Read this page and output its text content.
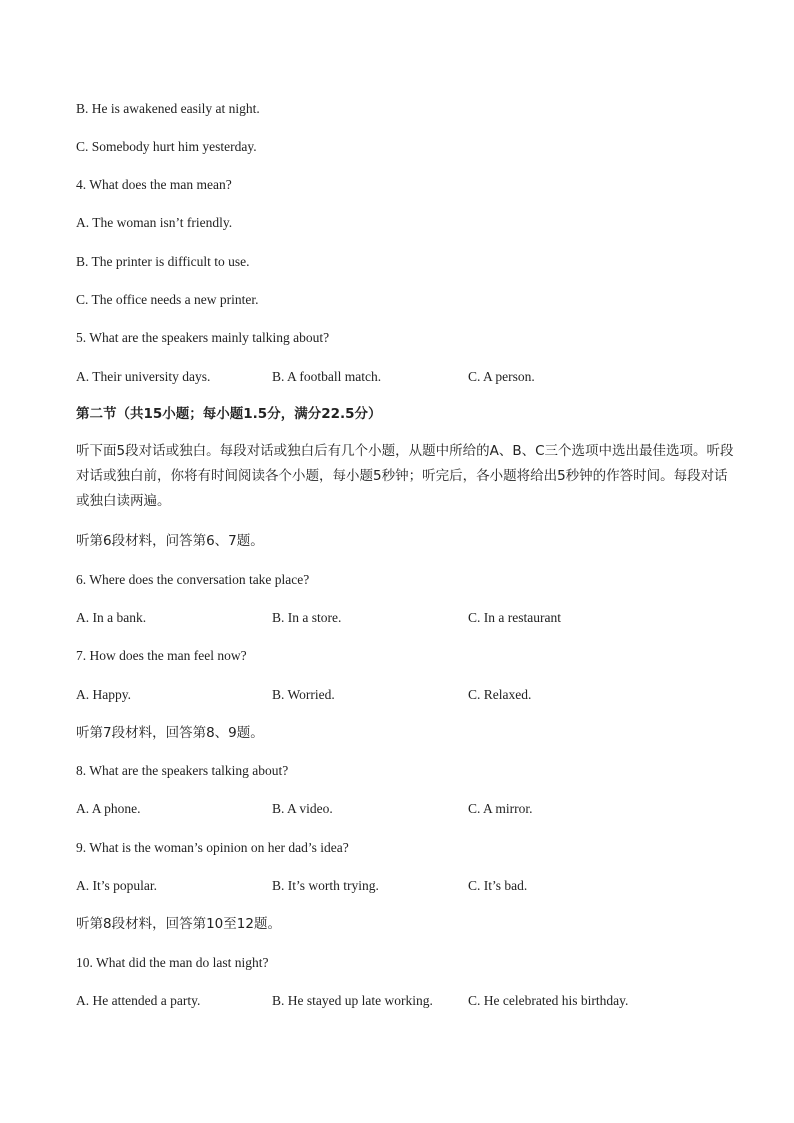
B. He is awakened easily at night.
C. Somebody hurt him yesterday.
4. What does the man mean?
A. The woman isn’t friendly.
B. The printer is difficult to use.
C. The office needs a new printer.
5. What are the speakers mainly talking about?
A. Their university days.	B. A football match.	C. A person.
第二节（共15小题；每小题1.5分，满分22.5分）
听下面5段对话或独白。每段对话或独白后有几个小题，从题中所给的A、B、C三个选项中选出最佳选项。听段对话或独白前，你将有时间阅读各个小题，每小题5秒钟；听完后，各小题将给出5秒钟的作答时间。每段对话或独白读两遍。
听第6段材料，问答第6、7题。
6. Where does the conversation take place?
A. In a bank.	B. In a store.	C. In a restaurant
7. How does the man feel now?
A. Happy.	B. Worried.	C. Relaxed.
听第7段材料，回答第8、9题。
8. What are the speakers talking about?
A. A phone.	B. A video.	C. A mirror.
9. What is the woman’s opinion on her dad’s idea?
A. It’s popular.	B. It’s worth trying.	C. It’s bad.
听第8段材料，回答第10至12题。
10. What did the man do last night?
A. He attended a party.	B. He stayed up late working.	C. He celebrated his birthday.
